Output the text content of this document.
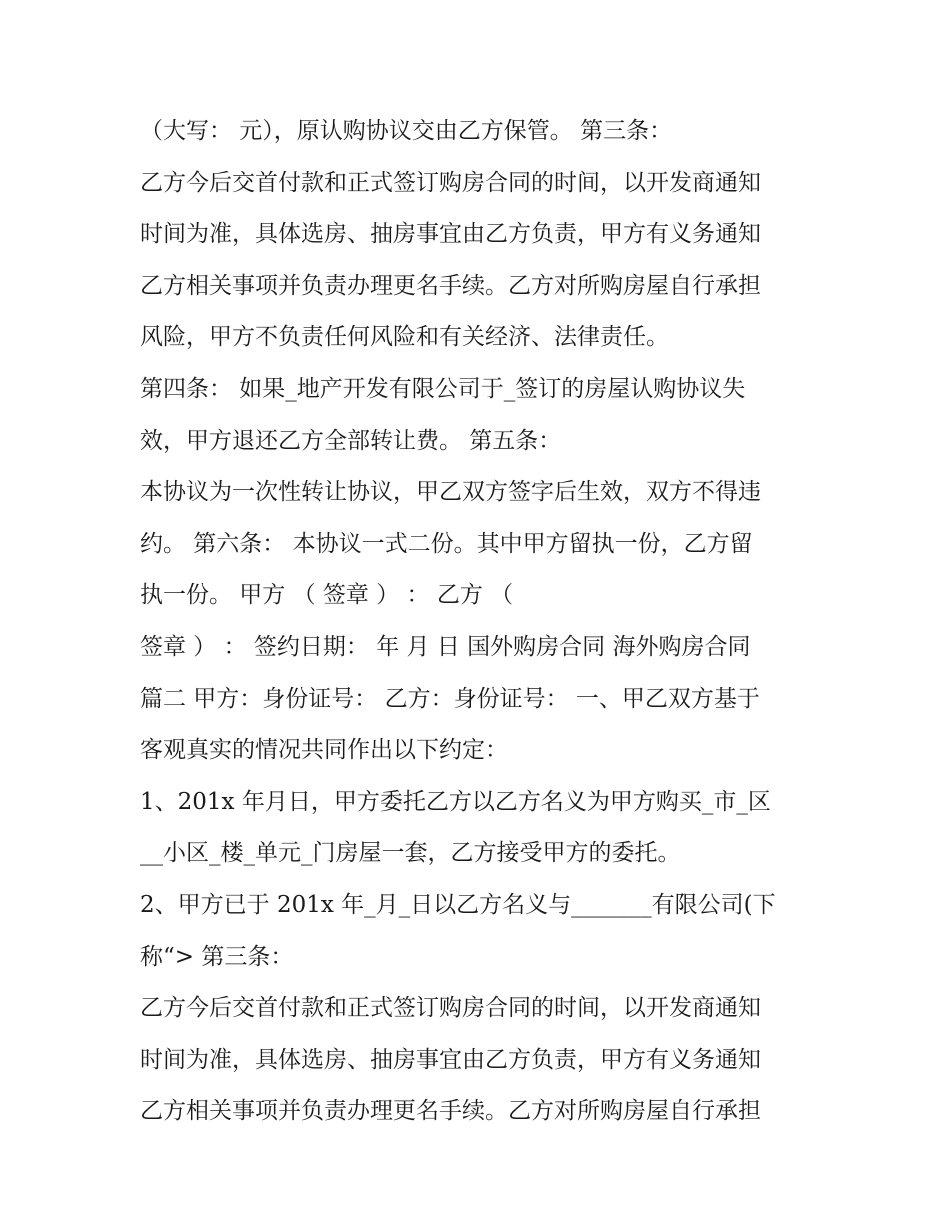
（大写： 元），原认购协议交由乙方保管。 第三条：
乙方今后交首付款和正式签订购房合同的时间，以开发商通知
时间为准，具体选房、抽房事宜由乙方负责，甲方有义务通知
乙方相关事项并负责办理更名手续。乙方对所购房屋自行承担
风险，甲方不负责任何风险和有关经济、法律责任。
第四条： 如果_地产开发有限公司于_签订的房屋认购协议失
效，甲方退还乙方全部转让费。 第五条：
本协议为一次性转让协议，甲乙双方签字后生效，双方不得违
约。 第六条： 本协议一式二份。其中甲方留执一份，乙方留
执一份。 甲方 （ 签章 ） ： 乙方 （
签章 ） ： 签约日期： 年 月 日 国外购房合同 海外购房合同
篇二 甲方：身份证号： 乙方：身份证号： 一、甲乙双方基于
客观真实的情况共同作出以下约定：
1、201x 年月日，甲方委托乙方以乙方名义为甲方购买_市_区
__小区_楼_单元_门房屋一套，乙方接受甲方的委托。
2、甲方已于 201x 年_月_日以乙方名义与_______有限公司(下
称“> 第三条：
乙方今后交首付款和正式签订购房合同的时间，以开发商通知
时间为准，具体选房、抽房事宜由乙方负责，甲方有义务通知
乙方相关事项并负责办理更名手续。乙方对所购房屋自行承担
